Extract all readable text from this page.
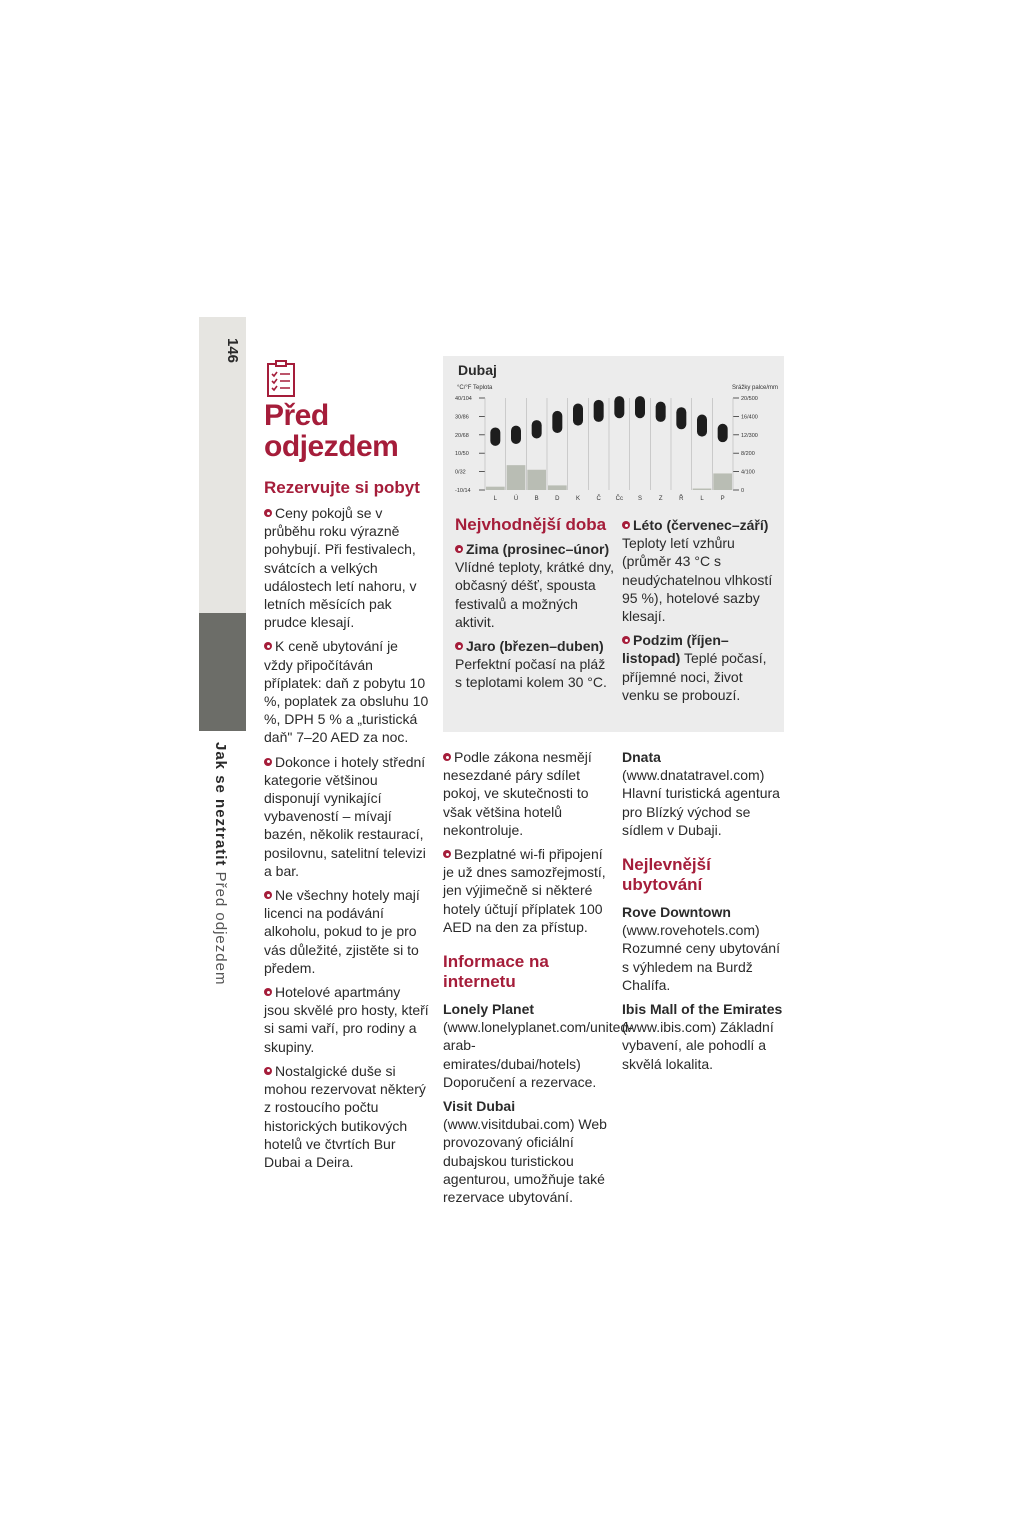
146
Jak se neztratit Před odjezdem
Před odjezdem
Rezervujte si pobyt

Ceny pokojů se v průběhu roku výrazně pohybují. Při festivalech, svátcích a velkých událostech letí nahoru, v letních měsících pak prudce klesají.

K ceně ubytování je vždy připočítáván příplatek: daň z pobytu 10 %, poplatek za obsluhu 10 %, DPH 5 % a „turistická daň" 7–20 AED za noc.

Dokonce i hotely střední kategorie většinou disponují vynikající vybaveností – mívají bazén, několik restaurací, posilovnu, satelitní televizi a bar.

Ne všechny hotely mají licenci na podávání alkoholu, pokud to je pro vás důležité, zjistěte si to předem.

Hotelové apartmány jsou skvělé pro hosty, kteří si sami vaří, pro rodiny a skupiny.

Nostalgické duše si mohou rezervovat některý z rostoucího počtu historických butikových hotelů ve čtvrtích Bur Dubai a Deira.

Dubaj
°C/°F Teplota	Srážky palce/mm
40/104	20/500
30/86	16/400
20/68	12/300
10/50	8/200
0/32	4/100
-10/14	0
L	Ú	B	D	K	Č Čc S	Z	Ř	L	P
Nejvhodnější doba

Zima (prosinec–únor) Vlídné teploty, krátké dny, občasný déšť, spousta festivalů a možných aktivit.

Jaro (březen–duben) Perfektní počasí na pláž s teplotami kolem 30 °C.

Léto (červenec–září) Teploty letí vzhůru (průměr 43 °C s neudýchatelnou vlhkostí 95 %), hotelové sazby klesají.

Podzim (říjen–listopad) Teplé počasí, příjemné noci, život venku se probouzí.

Podle zákona nesmějí nesezdané páry sdílet pokoj, ve skutečnosti to však většina hotelů nekontroluje.

Bezplatné wi-fi připojení je už dnes samozřejmostí, jen výjimečně si některé hotely účtují příplatek 100 AED na den za přístup.

Informace na internetu

Lonely Planet (www.lonelyplanet.com/united-arab-emirates/dubai/hotels) Doporučení a rezervace.

Visit Dubai (www.visitdubai.com) Web provozovaný oficiální dubajskou turistickou agenturou, umožňuje také rezervace ubytování.

Dnata (www.dnatatravel.com) Hlavní turistická agentura pro Blízký východ se sídlem v Dubaji.

Nejlevnější ubytování

Rove Downtown (www.rovehotels.com) Rozumné ceny ubytování s výhledem na Burdž Chalífa.

Ibis Mall of the Emirates (www.ibis.com) Základní vybavení, ale pohodlí a skvělá lokalita.
